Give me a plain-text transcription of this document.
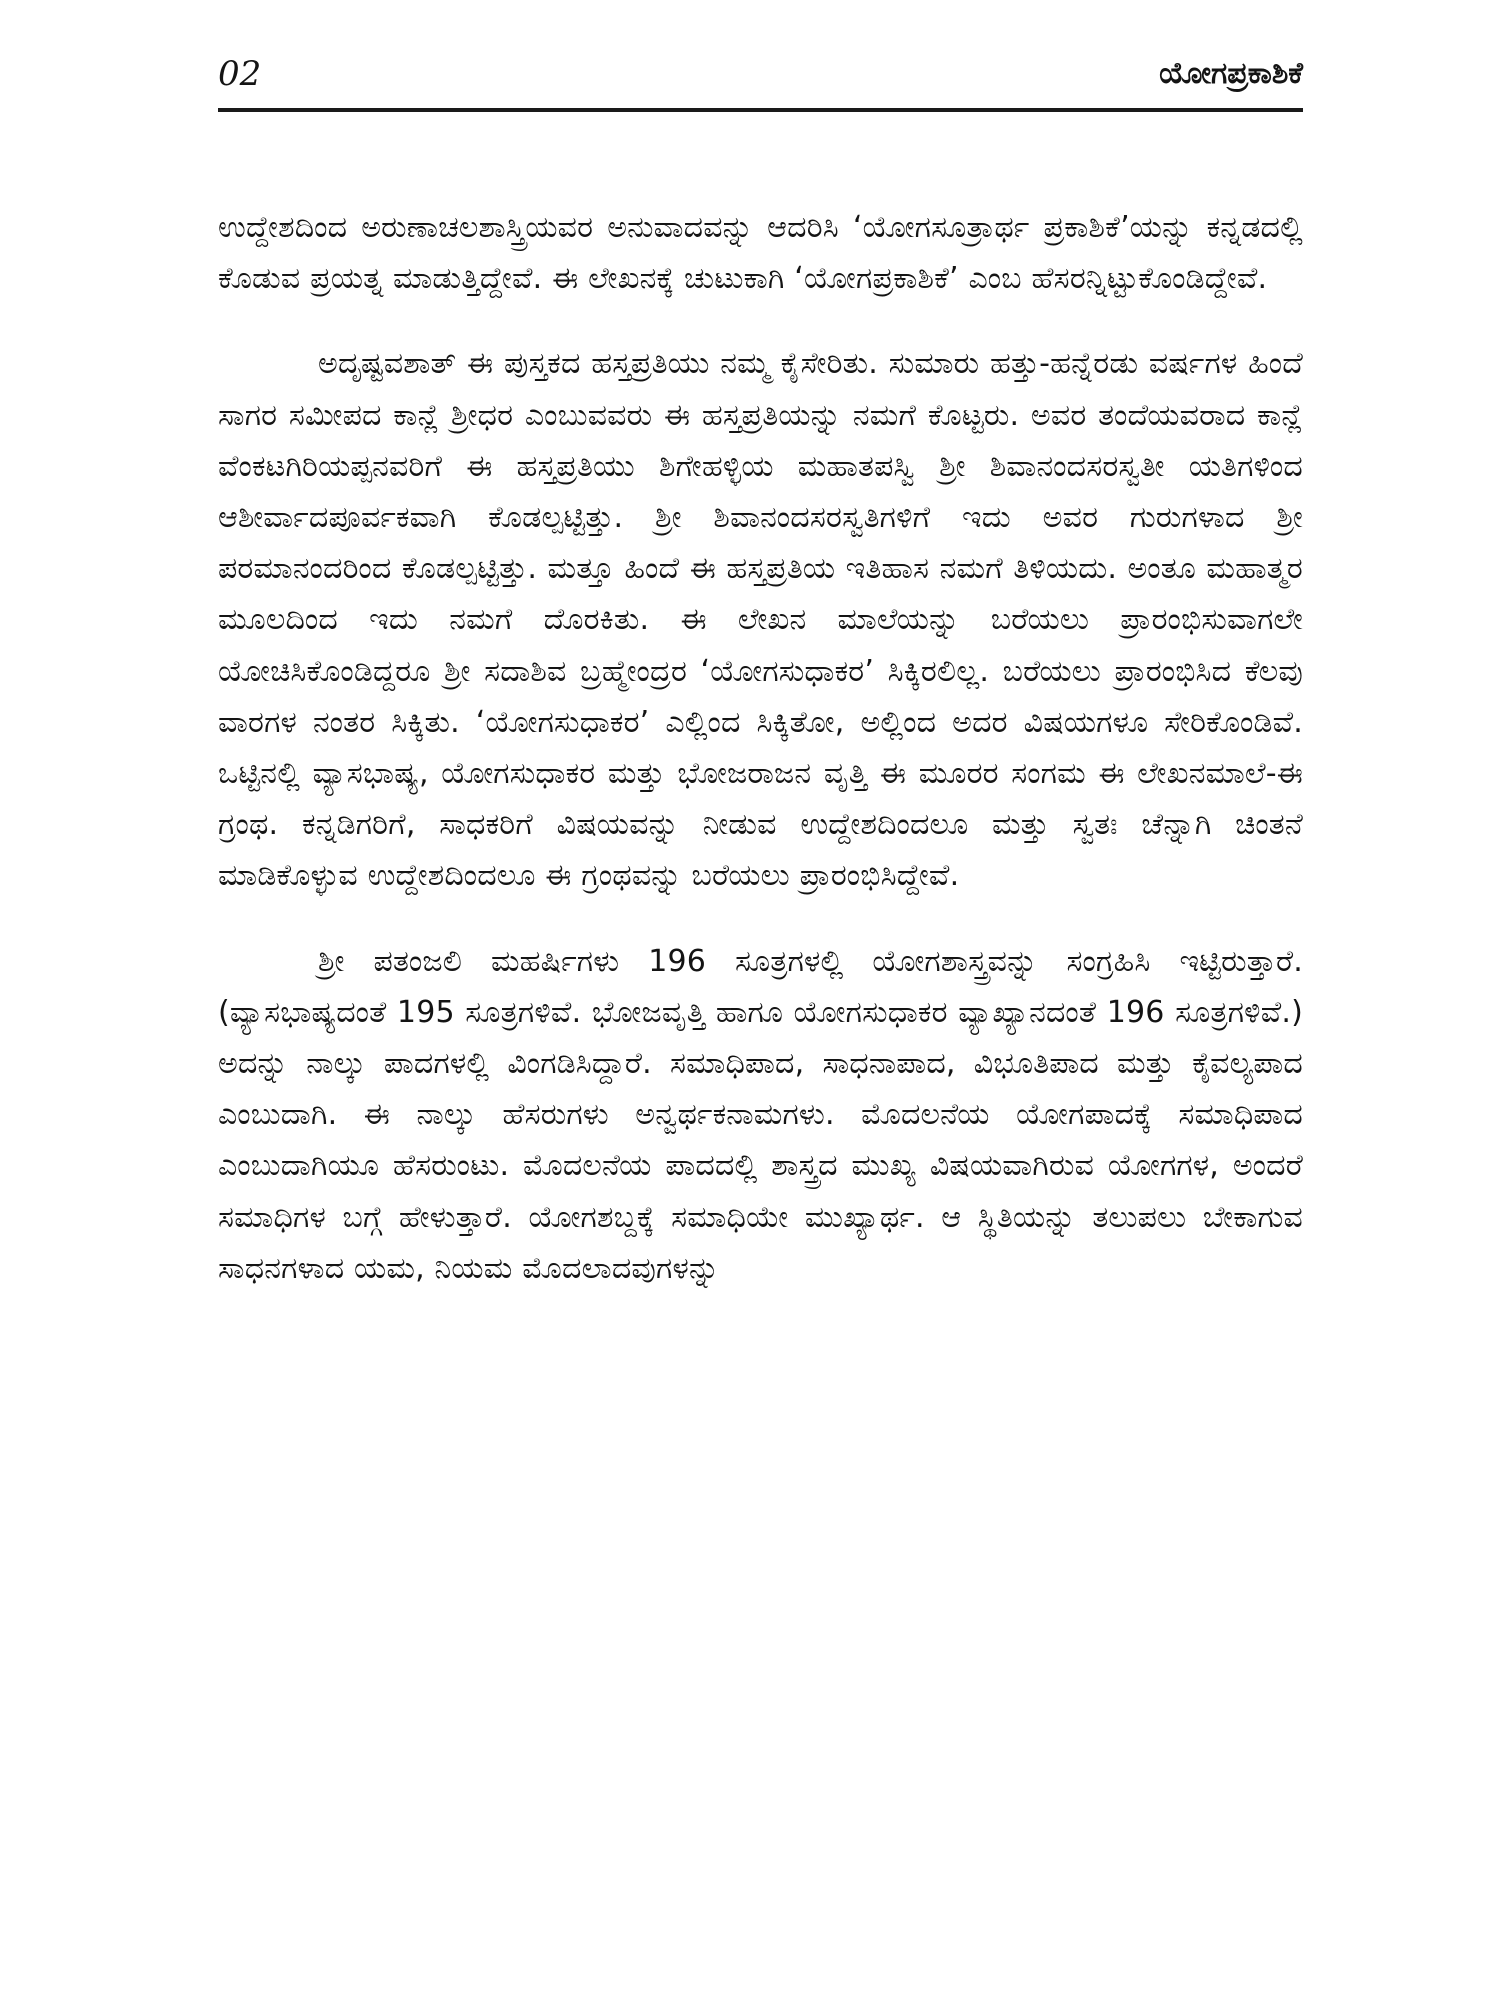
02	ಯೋಗಪ್ರಕಾಶಿಕೆ

ಉದ್ದೇಶದಿಂದ ಅರುಣಾಚಲಶಾಸ್ತ್ರಿಯವರ ಅನುವಾದವನ್ನು ಆದರಿಸಿ ‘ಯೋಗಸೂತ್ರಾರ್ಥ ಪ್ರಕಾಶಿಕೆ’ಯನ್ನು ಕನ್ನಡದಲ್ಲಿ ಕೊಡುವ ಪ್ರಯತ್ನ ಮಾಡುತ್ತಿದ್ದೇವೆ. ಈ ಲೇಖನಕ್ಕೆ ಚುಟುಕಾಗಿ ‘ಯೋಗಪ್ರಕಾಶಿಕೆ’ ಎಂಬ ಹೆಸರನ್ನಿಟ್ಟುಕೊಂಡಿದ್ದೇವೆ.

ಅದೃಷ್ಟವಶಾತ್ ಈ ಪುಸ್ತಕದ ಹಸ್ತಪ್ರತಿಯು ನಮ್ಮ ಕೈಸೇರಿತು. ಸುಮಾರು ಹತ್ತು-ಹನ್ನೆರಡು ವರ್ಷಗಳ ಹಿಂದೆ ಸಾಗರ ಸಮೀಪದ ಕಾನ್ಲೆ ಶ್ರೀಧರ ಎಂಬುವವರು ಈ ಹಸ್ತಪ್ರತಿಯನ್ನು ನಮಗೆ ಕೊಟ್ಟರು. ಅವರ ತಂದೆಯವರಾದ ಕಾನ್ಲೆ ವೆಂಕಟಗಿರಿಯಪ್ಪನವರಿಗೆ ಈ ಹಸ್ತಪ್ರತಿಯು ಶಿಗೇಹಳ್ಳಿಯ ಮಹಾತಪಸ್ವಿ ಶ್ರೀ ಶಿವಾನಂದಸರಸ್ವತೀ ಯತಿಗಳಿಂದ ಆಶೀರ್ವಾದಪೂರ್ವಕವಾಗಿ ಕೊಡಲ್ಪಟ್ಟಿತ್ತು. ಶ್ರೀ ಶಿವಾನಂದಸರಸ್ವತಿಗಳಿಗೆ ಇದು ಅವರ ಗುರುಗಳಾದ ಶ್ರೀ ಪರಮಾನಂದರಿಂದ ಕೊಡಲ್ಪಟ್ಟಿತ್ತು. ಮತ್ತೂ ಹಿಂದೆ ಈ ಹಸ್ತಪ್ರತಿಯ ಇತಿಹಾಸ ನಮಗೆ ತಿಳಿಯದು. ಅಂತೂ ಮಹಾತ್ಮರ ಮೂಲದಿಂದ ಇದು ನಮಗೆ ದೊರಕಿತು. ಈ ಲೇಖನ ಮಾಲೆಯನ್ನು ಬರೆಯಲು ಪ್ರಾರಂಭಿಸುವಾಗಲೇ ಯೋಚಿಸಿಕೊಂಡಿದ್ದರೂ ಶ್ರೀ ಸದಾಶಿವ ಬ್ರಹ್ಮೇಂದ್ರರ ‘ಯೋಗಸುಧಾಕರ’ ಸಿಕ್ಕಿರಲಿಲ್ಲ. ಬರೆಯಲು ಪ್ರಾರಂಭಿಸಿದ ಕೆಲವು ವಾರಗಳ ನಂತರ ಸಿಕ್ಕಿತು. ‘ಯೋಗಸುಧಾಕರ’ ಎಲ್ಲಿಂದ ಸಿಕ್ಕಿತೋ, ಅಲ್ಲಿಂದ ಅದರ ವಿಷಯಗಳೂ ಸೇರಿಕೊಂಡಿವೆ. ಒಟ್ಟಿನಲ್ಲಿ ವ್ಯಾಸಭಾಷ್ಯ, ಯೋಗಸುಧಾಕರ ಮತ್ತು ಭೋಜರಾಜನ ವೃತ್ತಿ ಈ ಮೂರರ ಸಂಗಮ ಈ ಲೇಖನಮಾಲೆ-ಈ ಗ್ರಂಥ. ಕನ್ನಡಿಗರಿಗೆ, ಸಾಧಕರಿಗೆ ವಿಷಯವನ್ನು ನೀಡುವ ಉದ್ದೇಶದಿಂದಲೂ ಮತ್ತು ಸ್ವತಃ ಚೆನ್ನಾಗಿ ಚಿಂತನೆ ಮಾಡಿಕೊಳ್ಳುವ ಉದ್ದೇಶದಿಂದಲೂ ಈ ಗ್ರಂಥವನ್ನು ಬರೆಯಲು ಪ್ರಾರಂಭಿಸಿದ್ದೇವೆ.

ಶ್ರೀ ಪತಂಜಲಿ ಮಹರ್ಷಿಗಳು 196 ಸೂತ್ರಗಳಲ್ಲಿ ಯೋಗಶಾಸ್ತ್ರವನ್ನು ಸಂಗ್ರಹಿಸಿ ಇಟ್ಟಿರುತ್ತಾರೆ. (ವ್ಯಾಸಭಾಷ್ಯದಂತೆ 195 ಸೂತ್ರಗಳಿವೆ. ಭೋಜವೃತ್ತಿ ಹಾಗೂ ಯೋಗಸುಧಾಕರ ವ್ಯಾಖ್ಯಾನದಂತೆ 196 ಸೂತ್ರಗಳಿವೆ.) ಅದನ್ನು ನಾಲ್ಕು ಪಾದಗಳಲ್ಲಿ ವಿಂಗಡಿಸಿದ್ದಾರೆ. ಸಮಾಧಿಪಾದ, ಸಾಧನಾಪಾದ, ವಿಭೂತಿಪಾದ ಮತ್ತು ಕೈವಲ್ಯಪಾದ ಎಂಬುದಾಗಿ. ಈ ನಾಲ್ಕು ಹೆಸರುಗಳು ಅನ್ವರ್ಥಕನಾಮಗಳು. ಮೊದಲನೆಯ ಯೋಗಪಾದಕ್ಕೆ ಸಮಾಧಿಪಾದ ಎಂಬುದಾಗಿಯೂ ಹೆಸರುಂಟು. ಮೊದಲನೆಯ ಪಾದದಲ್ಲಿ ಶಾಸ್ತ್ರದ ಮುಖ್ಯ ವಿಷಯವಾಗಿರುವ ಯೋಗಗಳ, ಅಂದರೆ ಸಮಾಧಿಗಳ ಬಗ್ಗೆ ಹೇಳುತ್ತಾರೆ. ಯೋಗಶಬ್ದಕ್ಕೆ ಸಮಾಧಿಯೇ ಮುಖ್ಯಾರ್ಥ. ಆ ಸ್ಥಿತಿಯನ್ನು ತಲುಪಲು ಬೇಕಾಗುವ ಸಾಧನಗಳಾದ ಯಮ, ನಿಯಮ ಮೊದಲಾದವುಗಳನ್ನು
